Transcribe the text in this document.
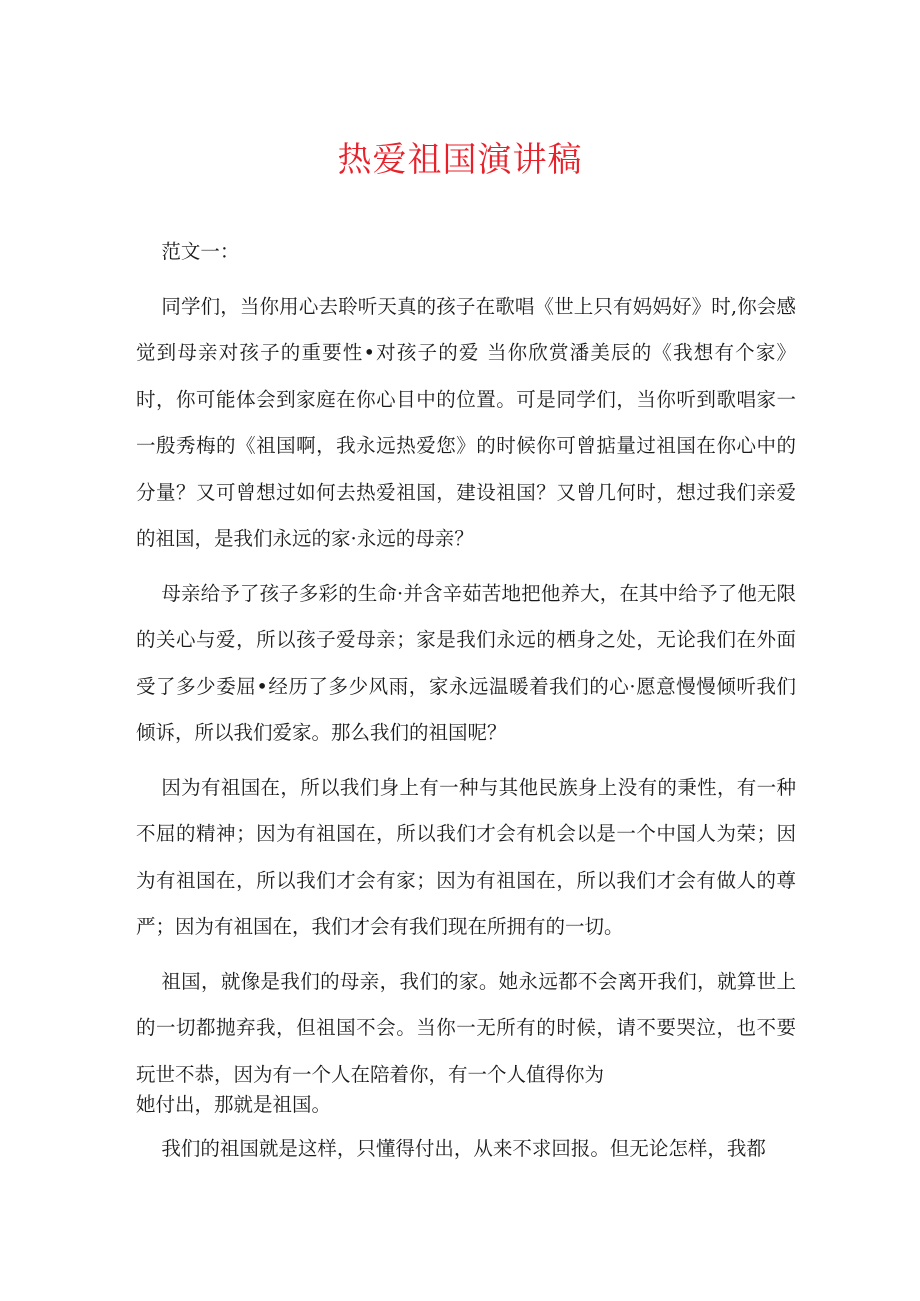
热爱祖国演讲稿

范文一：

同学们，当你用心去聆听天真的孩子在歌唱《世上只有妈妈好》时,你会感觉到母亲对孩子的重要性•对孩子的爱 当你欣赏潘美辰的《我想有个家》时，你可能体会到家庭在你心目中的位置。可是同学们，当你听到歌唱家一一殷秀梅的《祖国啊，我永远热爱您》的时候你可曾掂量过祖国在你心中的分量？又可曾想过如何去热爱祖国，建设祖国？又曾几何时，想过我们亲爱的祖国，是我们永远的家·永远的母亲？

母亲给予了孩子多彩的生命·并含辛茹苦地把他养大，在其中给予了他无限的关心与爱，所以孩子爱母亲；家是我们永远的栖身之处，无论我们在外面受了多少委屈•经历了多少风雨，家永远温暖着我们的心·愿意慢慢倾听我们倾诉，所以我们爱家。那么我们的祖国呢？

因为有祖国在，所以我们身上有一种与其他民族身上没有的秉性，有一种不屈的精神；因为有祖国在，所以我们才会有机会以是一个中国人为荣；因为有祖国在，所以我们才会有家；因为有祖国在，所以我们才会有做人的尊严；因为有祖国在，我们才会有我们现在所拥有的一切。

祖国，就像是我们的母亲，我们的家。她永远都不会离开我们，就算世上的一切都抛弃我，但祖国不会。当你一无所有的时候，请不要哭泣，也不要玩世不恭，因为有一个人在陪着你，有一个人值得你为

她付出，那就是祖国。

我们的祖国就是这样，只懂得付出，从来不求回报。但无论怎样，我都
